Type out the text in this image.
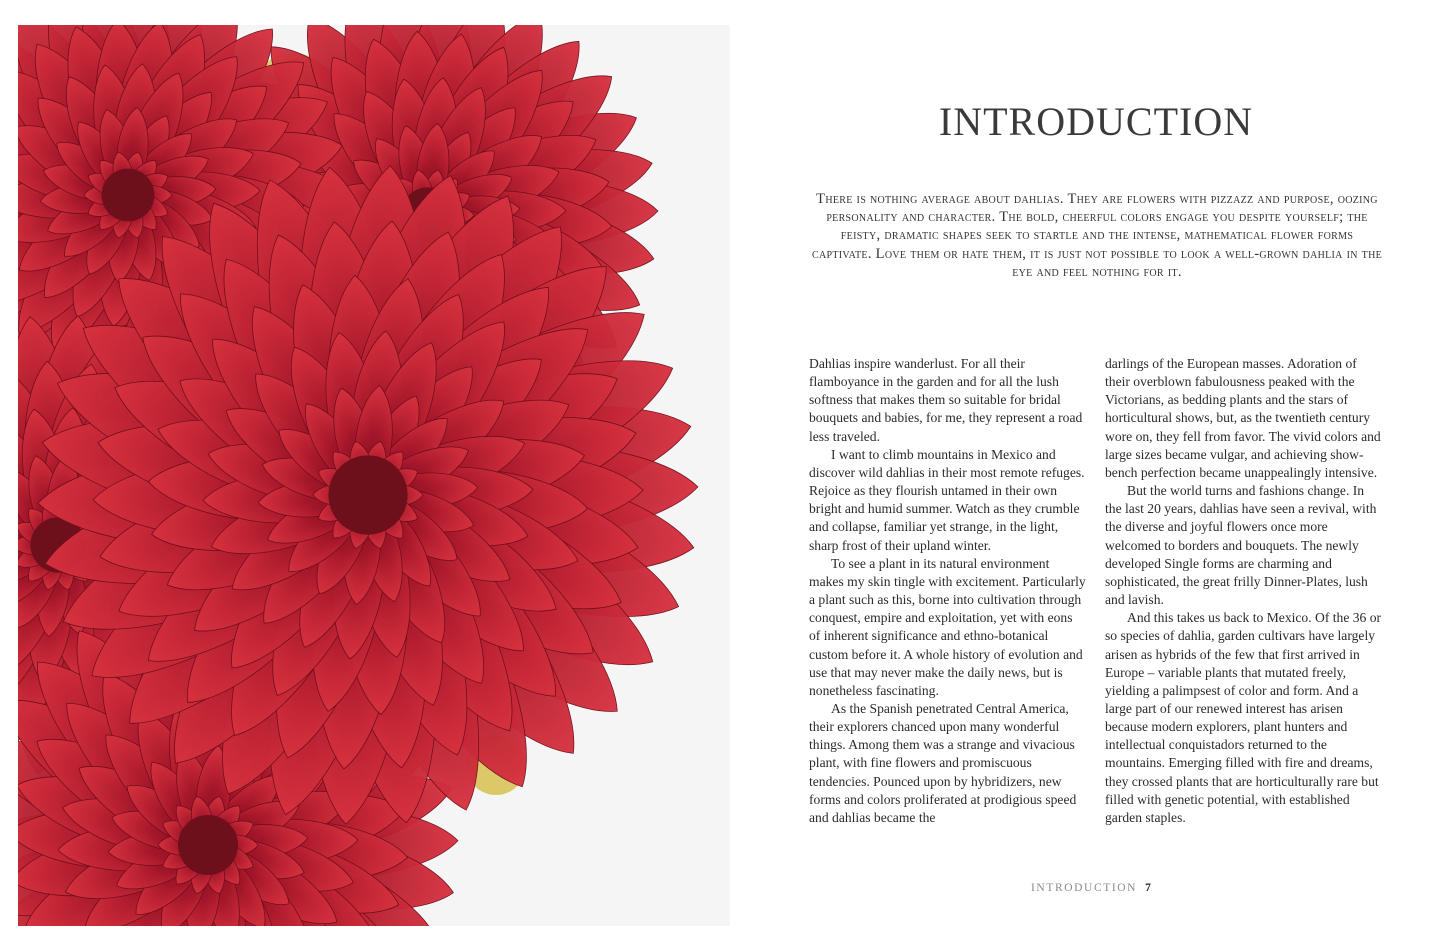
INTRODUCTION

There is nothing average about dahlias. They are flowers with pizzazz and purpose, oozing personality and character. The bold, cheerful colors engage you despite yourself; the feisty, dramatic shapes seek to startle and the intense, mathematical flower forms captivate. Love them or hate them, it is just not possible to look a well-grown dahlia in the eye and feel nothing for it.

Dahlias inspire wanderlust. For all their flamboyance in the garden and for all the lush softness that makes them so suitable for bridal bouquets and babies, for me, they represent a road less traveled.

I want to climb mountains in Mexico and discover wild dahlias in their most remote refuges. Rejoice as they flourish untamed in their own bright and humid summer. Watch as they crumble and collapse, familiar yet strange, in the light, sharp frost of their upland winter.

To see a plant in its natural environment makes my skin tingle with excitement. Particularly a plant such as this, borne into cultivation through conquest, empire and exploitation, yet with eons of inherent significance and ethno-botanical custom before it. A whole history of evolution and use that may never make the daily news, but is nonetheless fascinating.

As the Spanish penetrated Central America, their explorers chanced upon many wonderful things. Among them was a strange and vivacious plant, with fine flowers and promiscuous tendencies. Pounced upon by hybridizers, new forms and colors proliferated at prodigious speed and dahlias became the

darlings of the European masses. Adoration of their overblown fabulousness peaked with the Victorians, as bedding plants and the stars of horticultural shows, but, as the twentieth century wore on, they fell from favor. The vivid colors and large sizes became vulgar, and achieving show-bench perfection became unappealingly intensive.

But the world turns and fashions change. In the last 20 years, dahlias have seen a revival, with the diverse and joyful flowers once more welcomed to borders and bouquets. The newly developed Single forms are charming and sophisticated, the great frilly Dinner-Plates, lush and lavish.

And this takes us back to Mexico. Of the 36 or so species of dahlia, garden cultivars have largely arisen as hybrids of the few that first arrived in Europe – variable plants that mutated freely, yielding a palimpsest of color and form. And a large part of our renewed interest has arisen because modern explorers, plant hunters and intellectual conquistadors returned to the mountains. Emerging filled with fire and dreams, they crossed plants that are horticulturally rare but filled with genetic potential, with established garden staples.

INTRODUCTION 7
